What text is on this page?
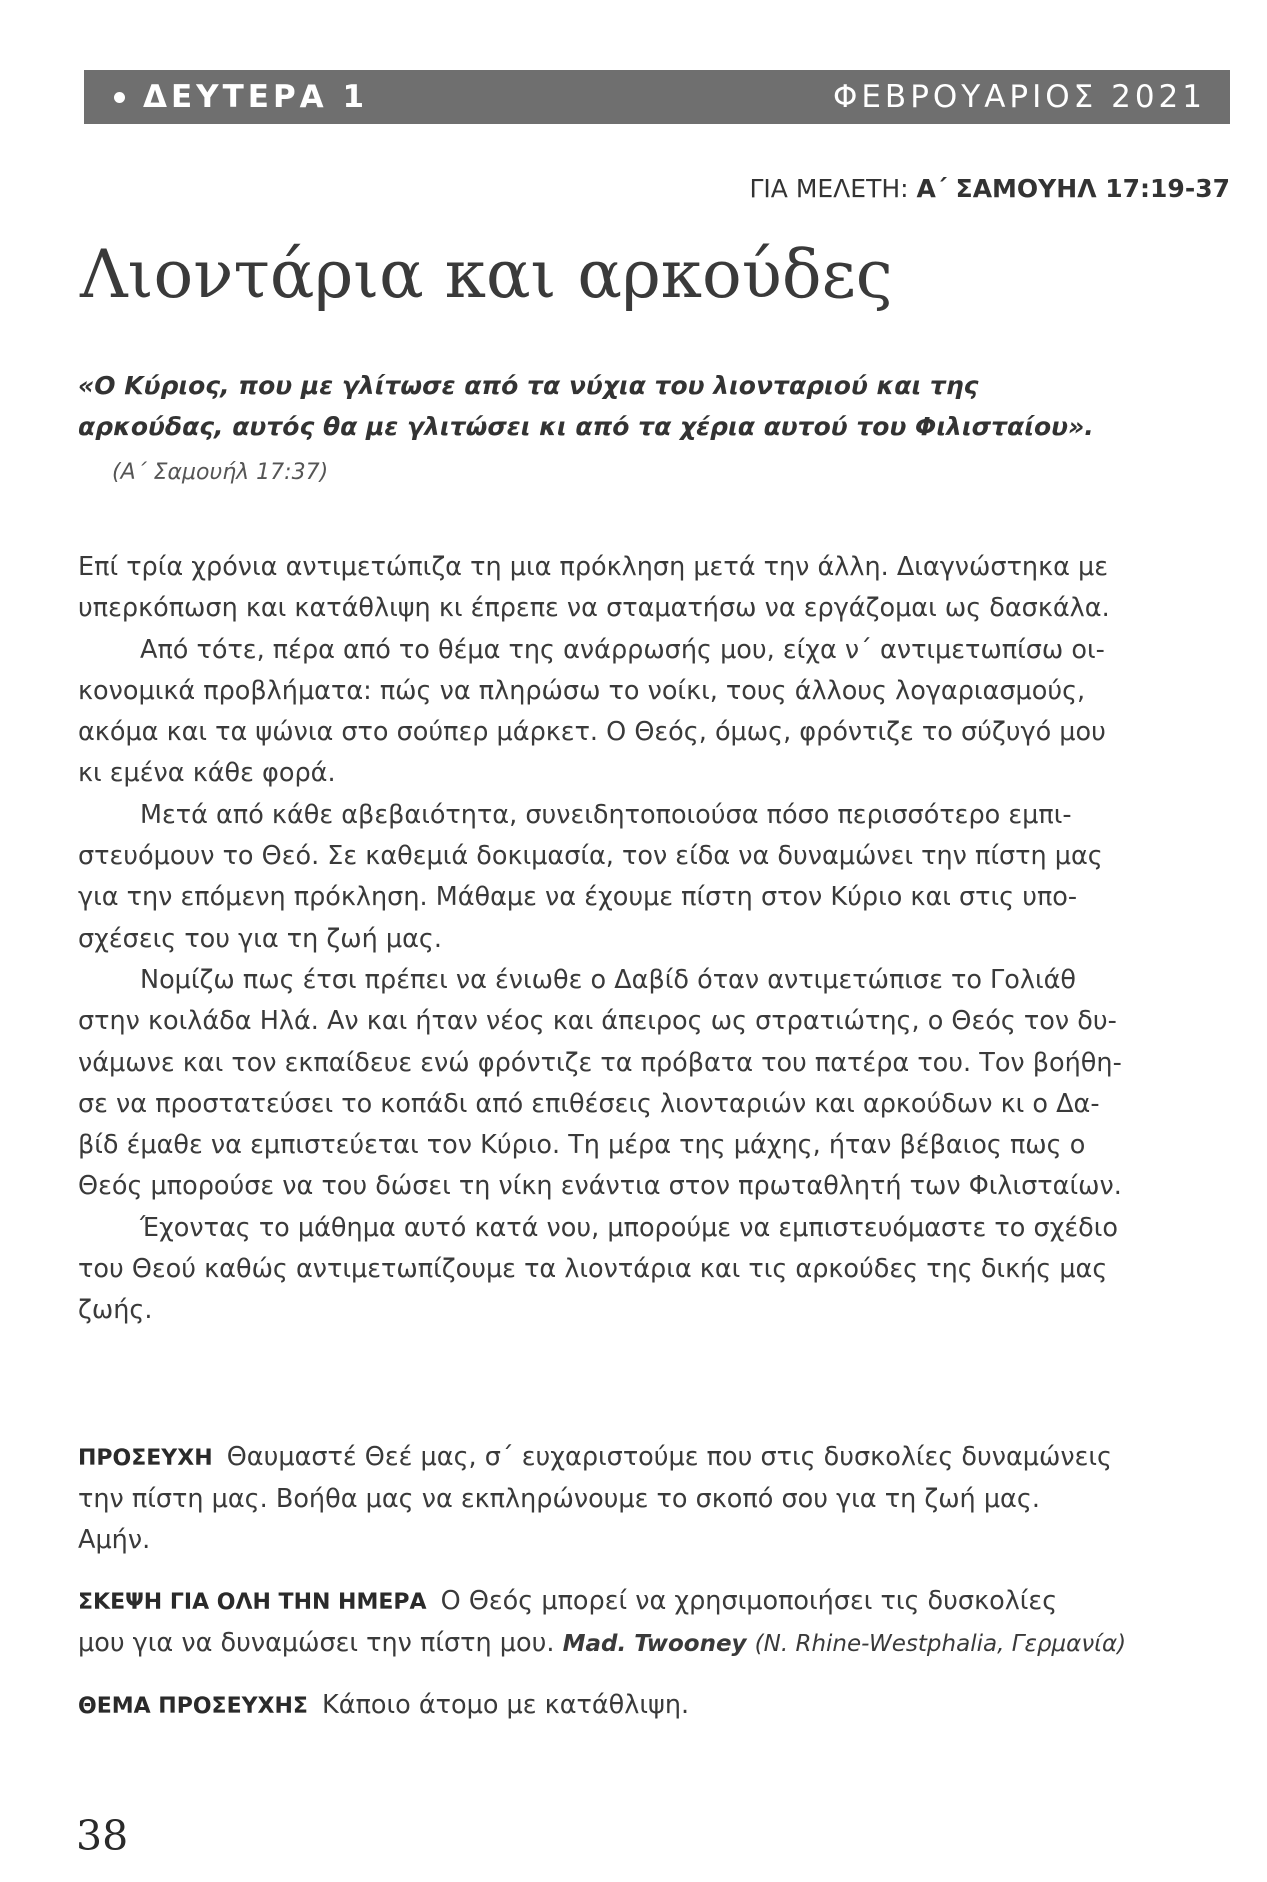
ΔΕΥΤΕΡΑ 1	ΦΕΒΡΟΥΑΡΙΟΣ 2021
ΓΙΑ ΜΕΛΕΤΗ: Α΄ ΣΑΜΟΥΗΛ 17:19-37
Λιοντάρια και αρκούδες
«Ο Κύριος, που με γλίτωσε από τα νύχια του λιονταριού και της
αρκούδας, αυτός θα με γλιτώσει κι από τα χέρια αυτού του Φιλισταίου».
(Α΄ Σαμουήλ 17:37)
Επί τρία χρόνια αντιμετώπιζα τη μια πρόκληση μετά την άλλη. Διαγνώστηκα με
υπερκόπωση και κατάθλιψη κι έπρεπε να σταματήσω να εργάζομαι ως δασκάλα.
Από τότε, πέρα από το θέμα της ανάρρωσής μου, είχα ν΄ αντιμετωπίσω οι-
κονομικά προβλήματα: πώς να πληρώσω το νοίκι, τους άλλους λογαριασμούς,
ακόμα και τα ψώνια στο σούπερ μάρκετ. Ο Θεός, όμως, φρόντιζε το σύζυγό μου
κι εμένα κάθε φορά.
Μετά από κάθε αβεβαιότητα, συνειδητοποιούσα πόσο περισσότερο εμπι-
στευόμουν το Θεό. Σε καθεμιά δοκιμασία, τον είδα να δυναμώνει την πίστη μας
για την επόμενη πρόκληση. Μάθαμε να έχουμε πίστη στον Κύριο και στις υπο-
σχέσεις του για τη ζωή μας.
Νομίζω πως έτσι πρέπει να ένιωθε ο Δαβίδ όταν αντιμετώπισε το Γολιάθ
στην κοιλάδα Ηλά. Αν και ήταν νέος και άπειρος ως στρατιώτης, ο Θεός τον δυ-
νάμωνε και τον εκπαίδευε ενώ φρόντιζε τα πρόβατα του πατέρα του. Τον βοήθη-
σε να προστατεύσει το κοπάδι από επιθέσεις λιονταριών και αρκούδων κι ο Δα-
βίδ έμαθε να εμπιστεύεται τον Κύριο. Τη μέρα της μάχης, ήταν βέβαιος πως ο
Θεός μπορούσε να του δώσει τη νίκη ενάντια στον πρωταθλητή των Φιλισταίων.
Έχοντας το μάθημα αυτό κατά νου, μπορούμε να εμπιστευόμαστε το σχέδιο
του Θεού καθώς αντιμετωπίζουμε τα λιοντάρια και τις αρκούδες της δικής μας
ζωής.
ΠΡΟΣΕΥΧΗ Θαυμαστέ Θεέ μας, σ΄ ευχαριστούμε που στις δυσκολίες δυναμώνεις
την πίστη μας. Βοήθα μας να εκπληρώνουμε το σκοπό σου για τη ζωή μας.
Αμήν.
ΣΚΕΨΗ ΓΙΑ ΟΛΗ ΤΗΝ ΗΜΕΡΑ Ο Θεός μπορεί να χρησιμοποιήσει τις δυσκολίες
μου για να δυναμώσει την πίστη μου. Mad. Twooney (N. Rhine-Westphalia, Γερμανία)
ΘΕΜΑ ΠΡΟΣΕΥΧΗΣ Κάποιο άτομο με κατάθλιψη.
38
